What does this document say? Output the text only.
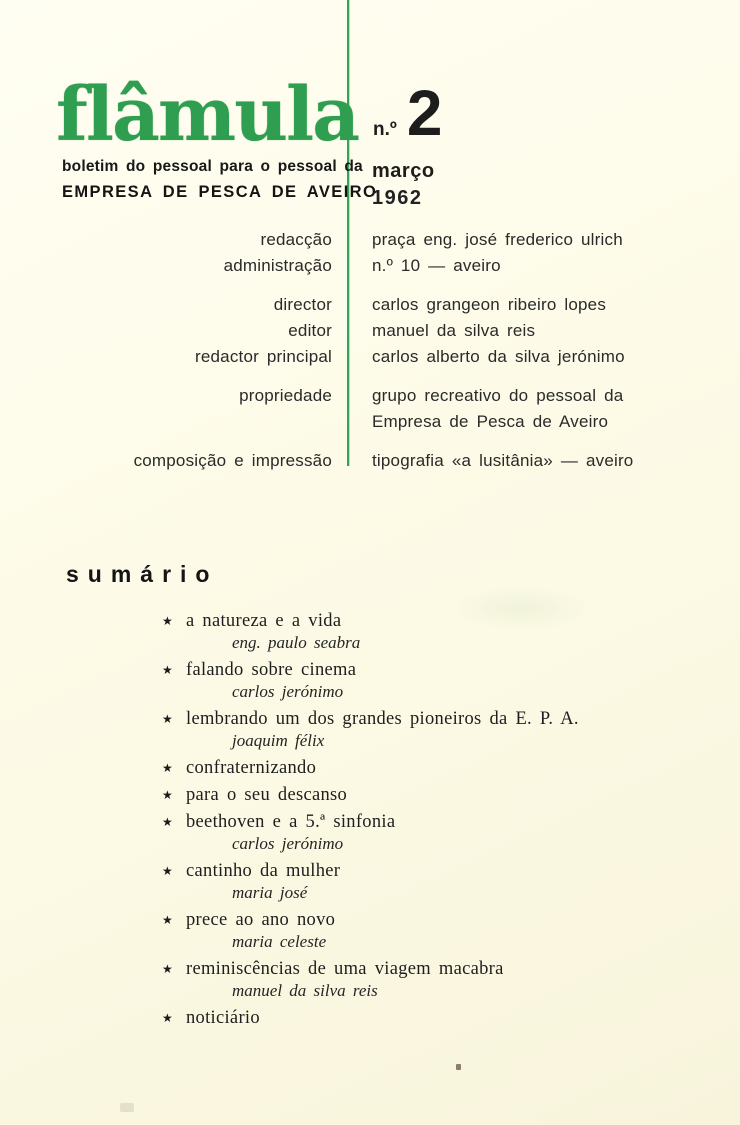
flâmula
boletim do pessoal para o pessoal da
EMPRESA DE PESCA DE AVEIRO
n.º 2
março
1962
redacção
administração
praça eng. josé frederico ulrich
n.º 10 — aveiro
director
editor
redactor principal
carlos grangeon ribeiro lopes
manuel da silva reis
carlos alberto da silva jerónimo
propriedade grupo recreativo do pessoal da
Empresa de Pesca de Aveiro
composição e impressão tipografia «a lusitânia» — aveiro
sumário
★ a natureza e a vida
eng. paulo seabra
★ falando sobre cinema
carlos jerónimo
★ lembrando um dos grandes pioneiros da E. P. A.
joaquim félix
★ confraternizando
★ para o seu descanso
★ beethoven e a 5.ª sinfonia
carlos jerónimo
★ cantinho da mulher
maria josé
★ prece ao ano novo
maria celeste
★ reminiscências de uma viagem macabra
manuel da silva reis
★ noticiário
